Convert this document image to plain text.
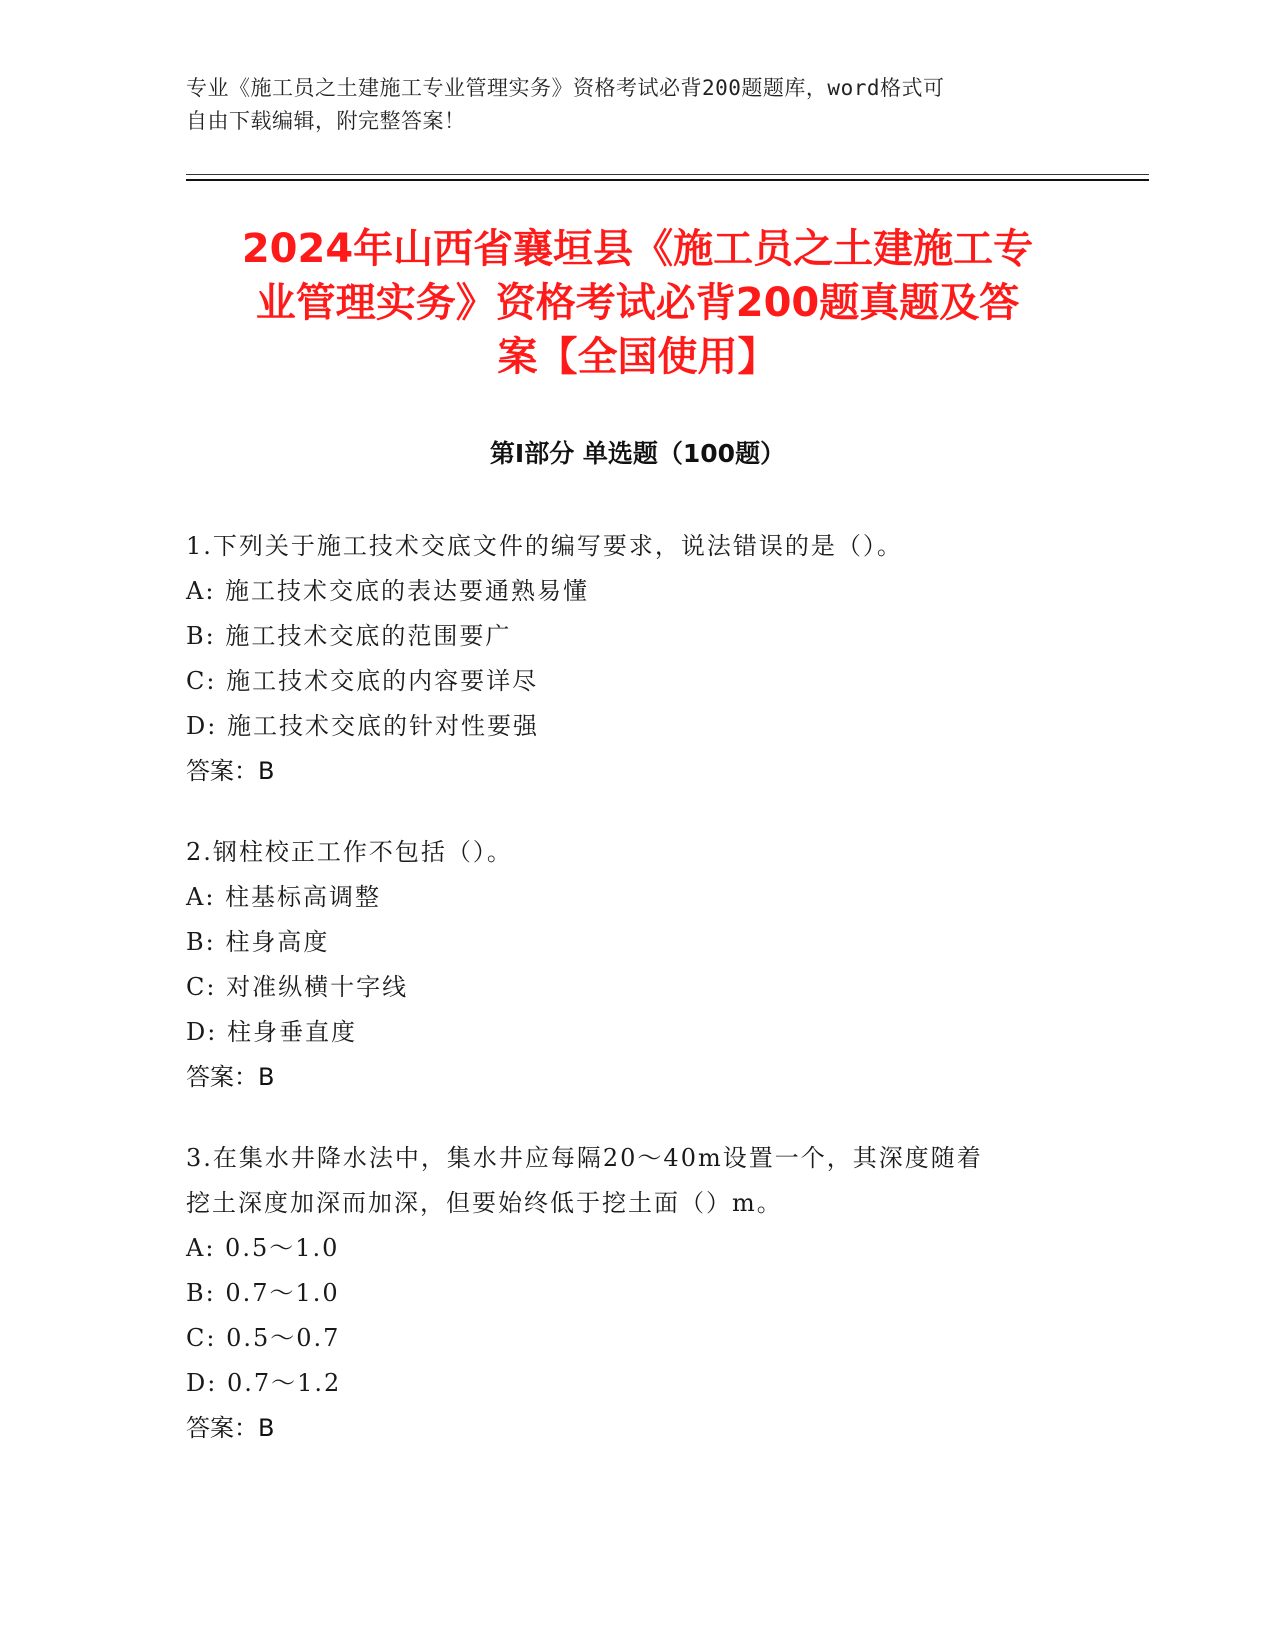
专业《施工员之土建施工专业管理实务》资格考试必背200题题库，word格式可
自由下载编辑，附完整答案！
2024年山西省襄垣县《施工员之土建施工专
业管理实务》资格考试必背200题真题及答
案【全国使用】
第I部分 单选题（100题）

1.下列关于施工技术交底文件的编写要求，说法错误的是（）。

A: 施工技术交底的表达要通熟易懂

B: 施工技术交底的范围要广

C: 施工技术交底的内容要详尽

D: 施工技术交底的针对性要强

答案：B

2.钢柱校正工作不包括（）。

A: 柱基标高调整

B: 柱身高度

C: 对准纵横十字线

D: 柱身垂直度

答案：B

3.在集水井降水法中，集水井应每隔20～40m设置一个，其深度随着

挖土深度加深而加深，但要始终低于挖土面（）m。

A: 0.5～1.0

B: 0.7～1.0

C: 0.5～0.7

D: 0.7～1.2

答案：B
